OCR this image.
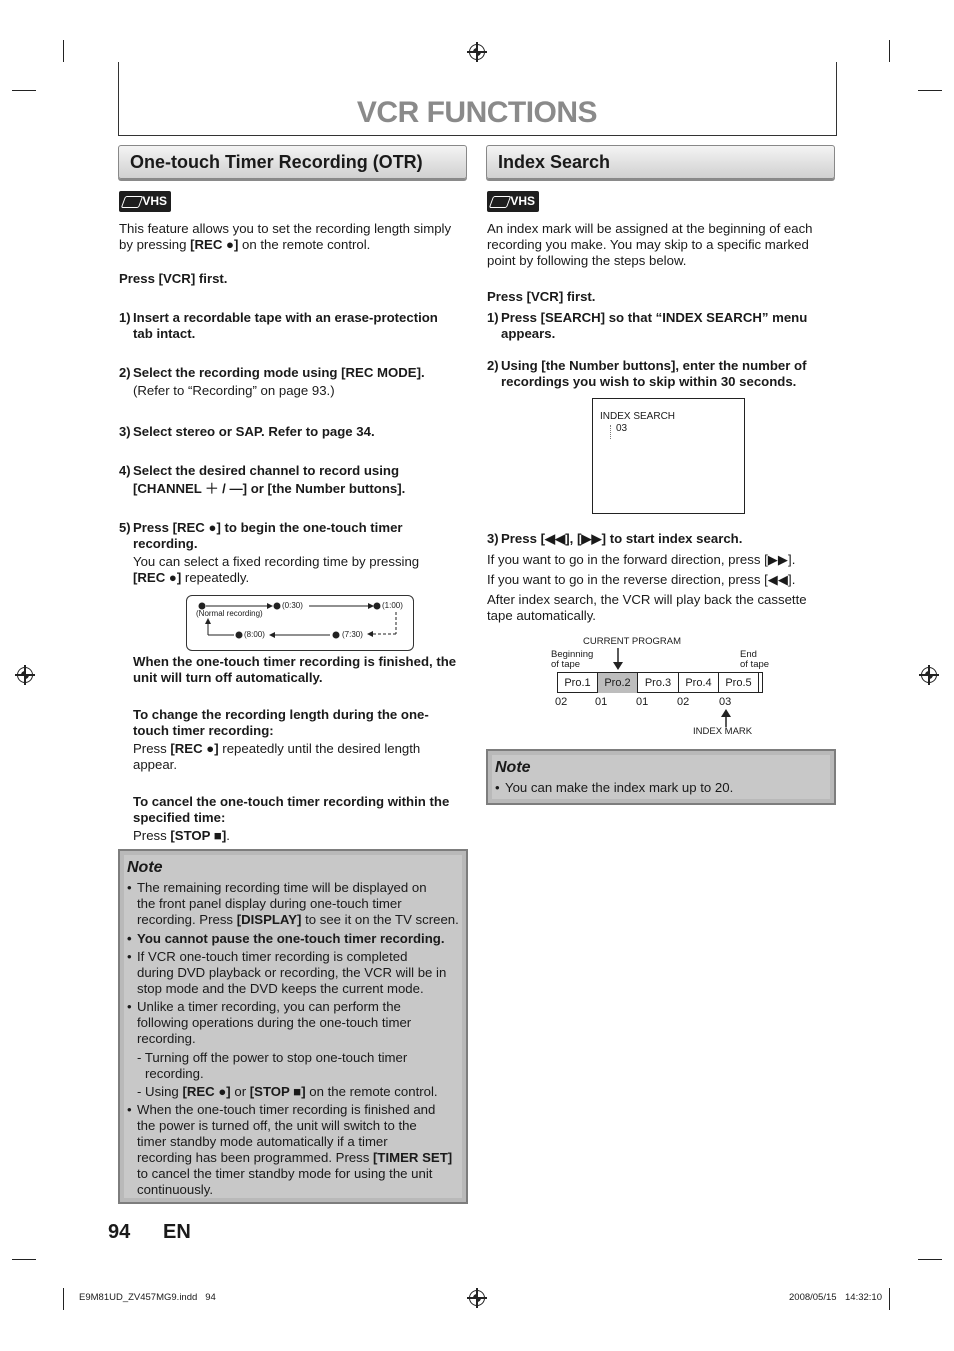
VCR FUNCTIONS
One-touch Timer Recording (OTR)
VHS
This feature allows you to set the recording length simply
by pressing [REC ●] on the remote control.
Press [VCR] first.
1) Insert a recordable tape with an erase-protection
tab intact.
2) Select the recording mode using [REC MODE].
(Refer to “Recording” on page 93.)
3) Select stereo or SAP. Refer to page 34.
4) Select the desired channel to record using
[CHANNEL ＋ / —] or [the Number buttons].
5) Press [REC ●] to begin the one-touch timer
recording.
You can select a fixed recording time by pressing
[REC ●] repeatedly.
(Normal recording)
(0:30)	(1:00)
(8:00)	(7:30)
When the one-touch timer recording is finished, the
unit will turn off automatically.
To change the recording length during the one-
touch timer recording:
Press [REC ●] repeatedly until the desired length
appear.
To cancel the one-touch timer recording within the
specified time:
Press [STOP ■].
Note
• The remaining recording time will be displayed on
the front panel display during one-touch timer
recording. Press [DISPLAY] to see it on the TV screen.
• You cannot pause the one-touch timer recording.
• If VCR one-touch timer recording is completed
during DVD playback or recording, the VCR will be in
stop mode and the DVD keeps the current mode.
• Unlike a timer recording, you can perform the
following operations during the one-touch timer
recording.
- Turning off the power to stop one-touch timer
recording.
- Using [REC ●] or [STOP ■] on the remote control.
• When the one-touch timer recording is finished and
the power is turned off, the unit will switch to the
timer standby mode automatically if a timer
recording has been programmed. Press [TIMER SET]
to cancel the timer standby mode for using the unit
continuously.
Index Search
VHS
An index mark will be assigned at the beginning of each
recording you make. You may skip to a specific marked
point by following the steps below.
Press [VCR] first.
1) Press [SEARCH] so that “INDEX SEARCH” menu
appears.
2) Using [the Number buttons], enter the number of
recordings you wish to skip within 30 seconds.
INDEX SEARCH
03
3) Press [◀◀], [▶▶] to start index search.
If you want to go in the forward direction, press [▶▶].
If you want to go in the reverse direction, press [◀◀].
After index search, the VCR will play back the cassette
tape automatically.
CURRENT PROGRAM
Beginning
of tape
End
of tape
Pro.1	Pro.2	Pro.3	Pro.4	Pro.5
02	01	01	02	03
INDEX MARK
Note
• You can make the index mark up to 20.
94 EN
E9M81UD_ZV457MG9.indd   94	2008/05/15 14:32:10
